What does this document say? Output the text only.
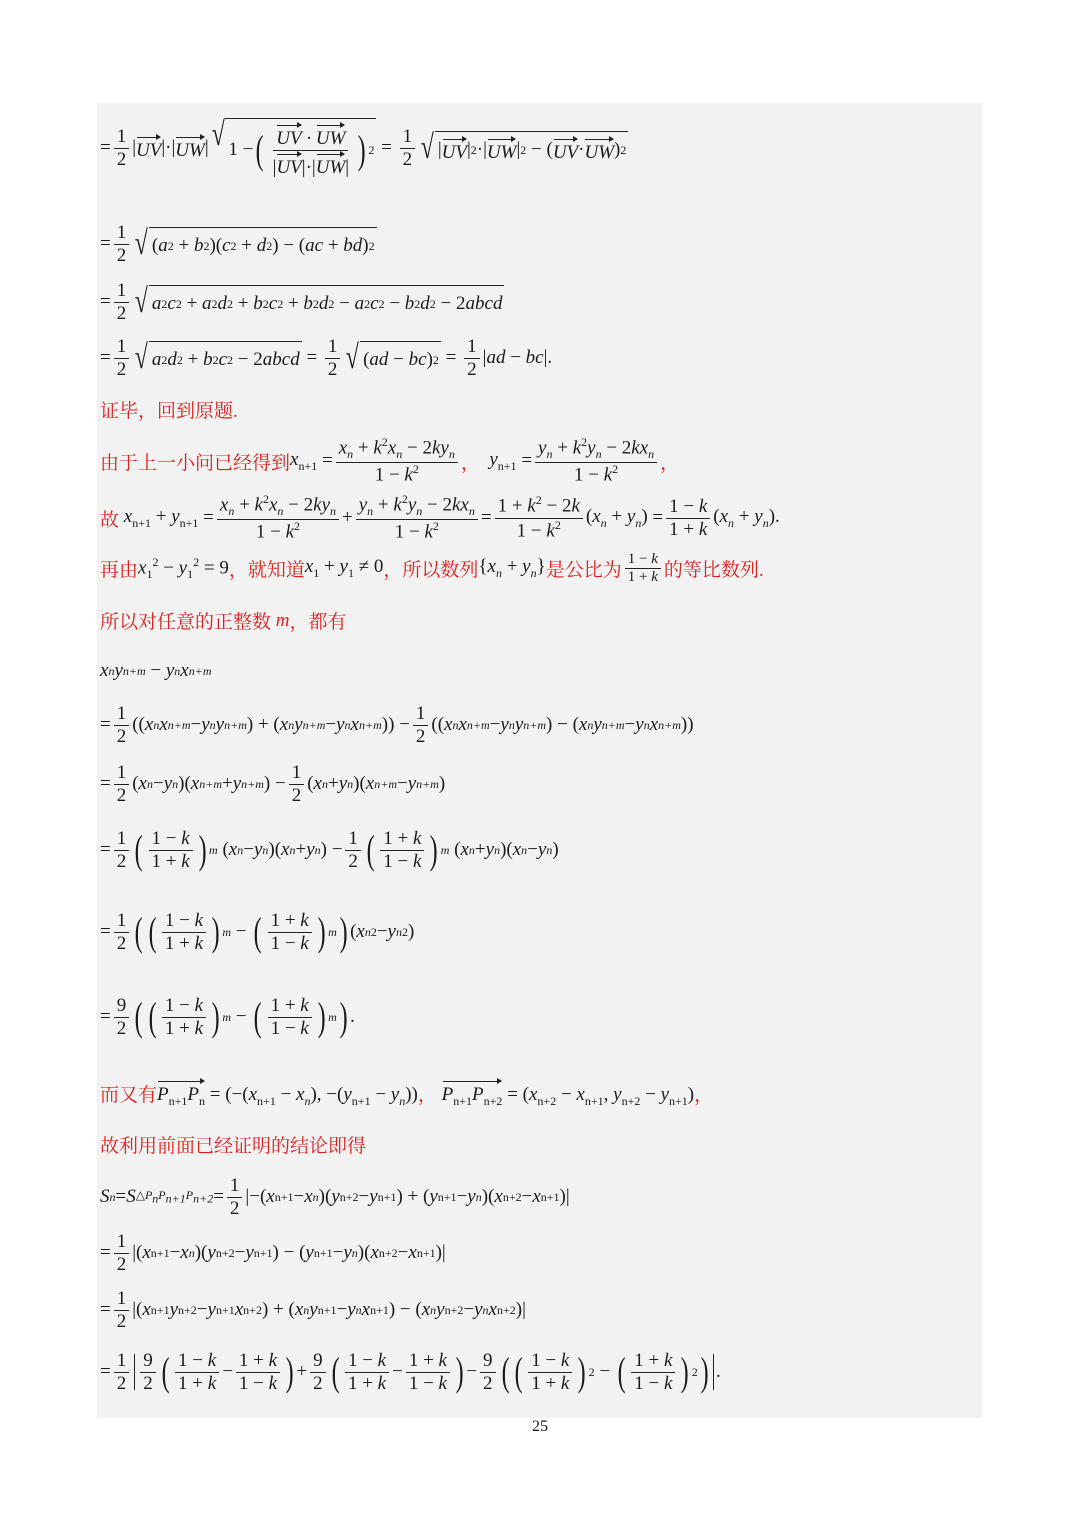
= $\frac{1}{2}$ | UV |·| UW | √ 1 − ( $\frac{UV \cdot UW}{|UV|\cdot|UW|}$ ) $2 = \frac{1}{2}$ √ | UV | 2 ·| UW | 2 − ( UV · UW ) 2
= $\frac{1}{2}$ √ ( a 2 + b 2 )( c 2 + d 2 ) − ( ac + bd ) 2
= $\frac{1}{2}$ √ a 2 c 2 + a 2 d 2 + b 2 c 2 + b 2 d 2 − a 2 c 2 − b 2 d 2 − 2 abcd
= $\frac{1}{2}$ √ a 2 d 2 + b 2 c 2 − 2 abcd = $\frac{1}{2}$ √ ( ad − bc ) $2 = \frac{1}{2}$ | ad − bc |.
证毕，回到原题.
由于上一小问已经得到 $x_{n+1} = \frac{x_n + k^2x_n - 2ky_n}{1 - k^2}$ ，
$y_{n+1} = \frac{y_n + k^2y_n - 2kx_n}{1 - k^2}$ ，
故
$x_{n+1} + y_{n+1} = \frac{x_n + k^2x_n - 2ky_n}{1 - k^2} + \frac{y_n + k^2y_n - 2kx_n}{1 - k^2} = \frac{1 + k^2 - 2k}{1 - k^2} (x_n + y_n) = \frac{1 - k}{1 + k} (x_n + y_n)$.
再由 $x_1^2 - y_1^2 = 9$ ，就知道 $x_1 + y_1 \ne 0$ ，所以数列 $\{x_n + y_n\}$ 是公比为 $\frac{1 - k}{1 + k}$ 的等比数列.
所以对任意的正整数 m ，都有
x n y n+m − y n x n+m
= $\frac{1}{2}$ (( x n x n+m − y n y n+m ) + ( x n y n+m − y n x n+m )) − $\frac{1}{2}$ (( x n x n+m − y n y n+m ) − ( x n y n+m − y n x n+m ))
= $\frac{1}{2}$ ( x n − y n )( x n+m + y n+m ) − $\frac{1}{2}$ ( x n + y n )( x n+m − y n+m )
= $\frac{1}{2}$ ( $\frac{1 - k}{1 + k}$ ) m ( x n − y n )( x n + y n ) − $\frac{1}{2}$ ( $\frac{1 + k}{1 - k}$ ) m ( x n + y n )( x n − y n )
= $\frac{1}{2}$ ( ( $\frac{1 - k}{1 + k}$ ) m − ( $\frac{1 + k}{1 - k}$ ) m ) ( x n 2 − y n 2 )
= $\frac{9}{2}$ ( ( $\frac{1 - k}{1 + k}$ ) m − ( $\frac{1 + k}{1 - k}$ ) m ) .
而又有 $P_{n+1}P_n = (-(x_{n+1} - x_n)$, $-(y_{n+1} - y_n)$) ，
$P_{n+1}P_{n+2} = (x_{n+2} - x_{n+1}$, $y_{n+2} - y_{n+1}$) ，
故利用前面已经证明的结论即得
S n = S $\triangle P_nP_{n+1}P_{n+2} = \frac{1}{2}$ |−( x n+1 − x n )( y n+2 − y n+1 ) + ( y n+1 − y n )( x n+2 − x n+1 )|
= $\frac{1}{2}$ |( x n+1 − x n )( y n+2 − y n+1 ) − ( y n+1 − y n )( x n+2 − x n+1 )|
= $\frac{1}{2}$ |( x n+1 y n+2 − y n+1 x n+2 ) + ( x n y n+1 − y n x n+1 ) − ( x n y n+2 − y n x n+2 )|
= $\frac{1}{2} \frac{9}{2}$ ( $\frac{1 - k}{1 + k} - \frac{1 + k}{1 - k}$ ) + $\frac{9}{2}$ ( $\frac{1 - k}{1 + k} - \frac{1 + k}{1 - k}$ ) − $\frac{9}{2}$ ( ( $\frac{1 - k}{1 + k}$ ) 2 − ( $\frac{1 + k}{1 - k}$ ) 2 ) .
25
